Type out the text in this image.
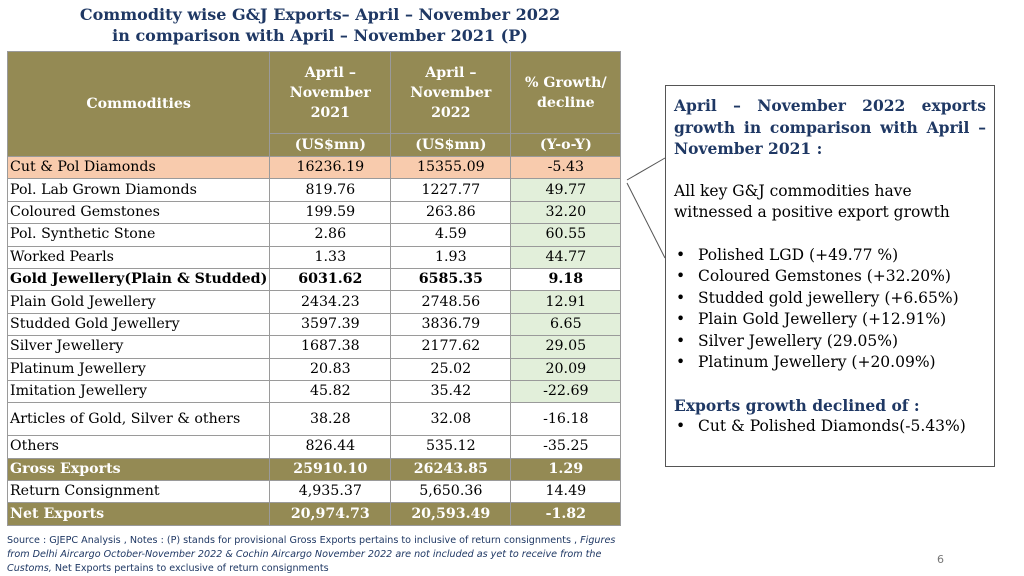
Commodity wise G&J Exports– April – November 2022
in comparison with April – November 2021 (P)
Commodities	April –
November
2021	April –
November
2022	% Growth/
decline
	(US$mn)	(US$mn)	(Y-o-Y)
Cut & Pol Diamonds	16236.19	15355.09	-5.43
Pol. Lab Grown Diamonds	819.76	1227.77	49.77
Coloured Gemstones	199.59	263.86	32.20
Pol. Synthetic Stone	2.86	4.59	60.55
Worked Pearls	1.33	1.93	44.77
Gold Jewellery(Plain & Studded)	6031.62	6585.35	9.18
Plain Gold Jewellery	2434.23	2748.56	12.91
Studded Gold Jewellery	3597.39	3836.79	6.65
Silver Jewellery	1687.38	2177.62	29.05
Platinum Jewellery	20.83	25.02	20.09
Imitation Jewellery	45.82	35.42	-22.69
Articles of Gold, Silver & others	38.28	32.08	-16.18
Others	826.44	535.12	-35.25
Gross Exports	25910.10	26243.85	1.29
Return Consignment	4,935.37	5,650.36	14.49
Net Exports	20,974.73	20,593.49	-1.82

April – November 2022 exports growth in comparison with April – November 2021 :

All key G&J commodities have witnessed a positive export growth

• Polished LGD (+49.77 %)
• Coloured Gemstones (+32.20%)
• Studded gold jewellery (+6.65%)
• Plain Gold Jewellery (+12.91%)
• Silver Jewellery (29.05%)
• Platinum Jewellery (+20.09%)

Exports growth declined of :

• Cut & Polished Diamonds(-5.43%)
Source : GJEPC Analysis , Notes : (P) stands for provisional Gross Exports pertains to inclusive of return consignments , Figures from Delhi Aircargo October-November 2022 & Cochin Aircargo November 2022 are not included as yet to receive from the Customs, Net Exports pertains to exclusive of return consignments
6
